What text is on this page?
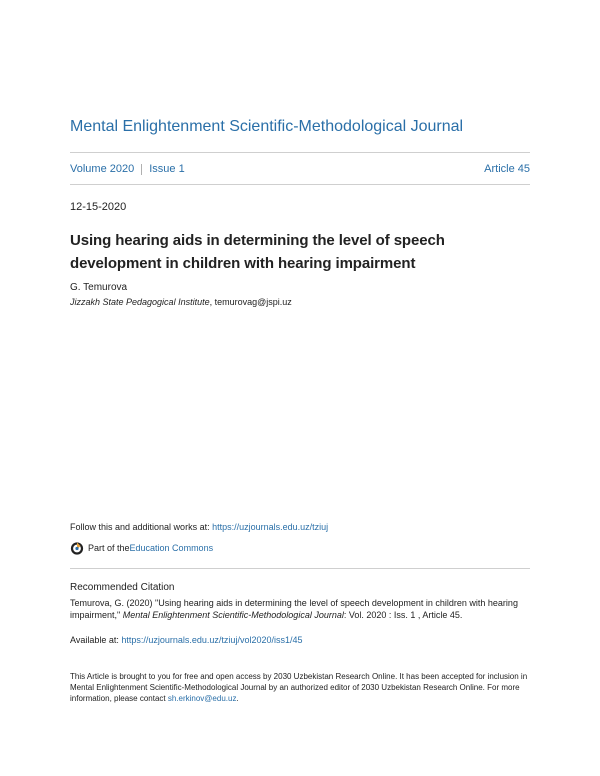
Mental Enlightenment Scientific-Methodological Journal
Volume 2020 Issue 1	Article 45
12-15-2020
Using hearing aids in determining the level of speech development in children with hearing impairment
G. Temurova
Jizzakh State Pedagogical Institute, temurovag@jspi.uz
Follow this and additional works at: https://uzjournals.edu.uz/tziuj
Part of the Education Commons
Recommended Citation
Temurova, G. (2020) "Using hearing aids in determining the level of speech development in children with hearing impairment," Mental Enlightenment Scientific-Methodological Journal: Vol. 2020 : Iss. 1 , Article 45.
Available at: https://uzjournals.edu.uz/tziuj/vol2020/iss1/45
This Article is brought to you for free and open access by 2030 Uzbekistan Research Online. It has been accepted for inclusion in Mental Enlightenment Scientific-Methodological Journal by an authorized editor of 2030 Uzbekistan Research Online. For more information, please contact sh.erkinov@edu.uz.
